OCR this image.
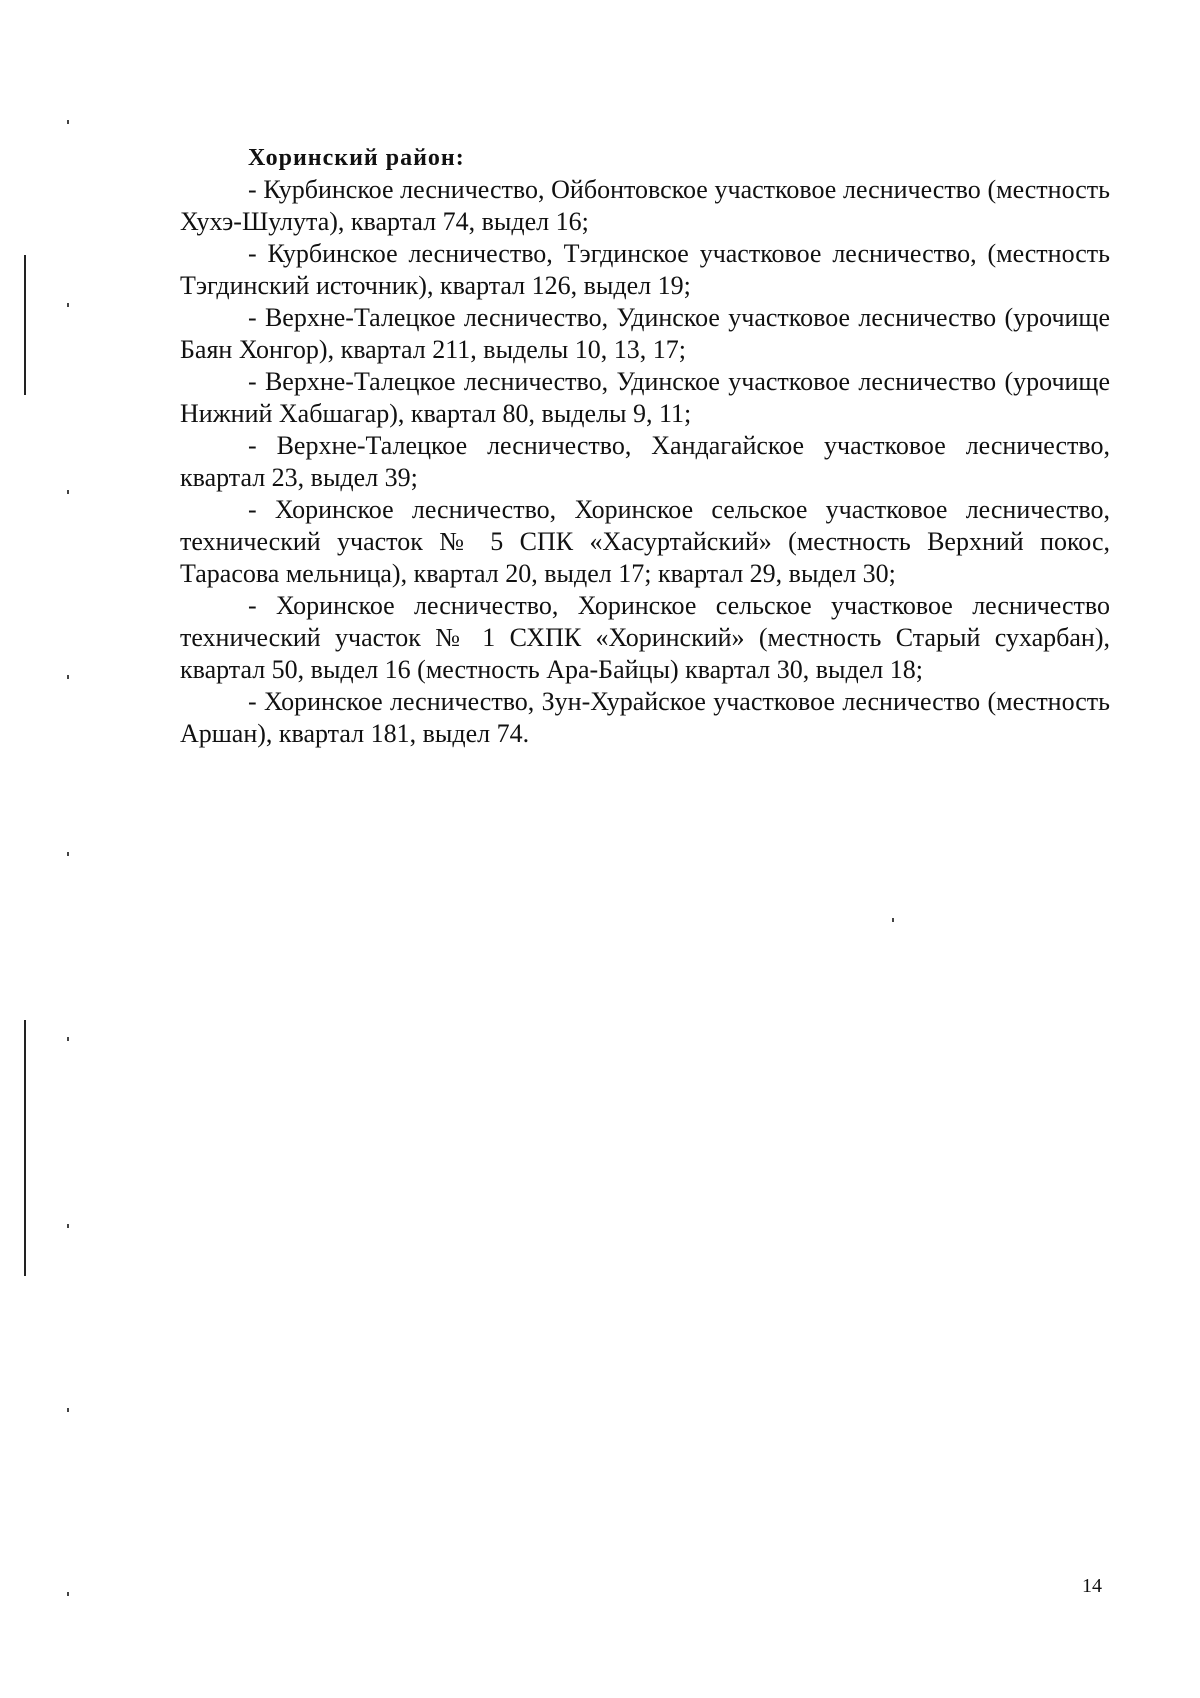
Хоринский район:

- Курбинское лесничество, Ойбонтовское участковое лесничество (местность Хухэ-Шулута), квартал 74, выдел 16;

- Курбинское лесничество, Тэгдинское участковое лесничество, (местность Тэгдинский источник), квартал 126, выдел 19;

- Верхне-Талецкое лесничество, Удинское участковое лесничество (урочище Баян Хонгор), квартал 211, выделы 10, 13, 17;

- Верхне-Талецкое лесничество, Удинское участковое лесничество (урочище Нижний Хабшагар), квартал 80, выделы 9, 11;

- Верхне-Талецкое лесничество, Хандагайское участковое лесничество, квартал 23, выдел 39;

- Хоринское лесничество, Хоринское сельское участковое лесничество, технический участок № 5 СПК «Хасуртайский» (местность Верхний покос, Тарасова мельница), квартал 20, выдел 17; квартал 29, выдел 30;

- Хоринское лесничество, Хоринское сельское участковое лесничество технический участок № 1 СХПК «Хоринский» (местность Старый сухарбан), квартал 50, выдел 16 (местность Ара-Байцы) квартал 30, выдел 18;

- Хоринское лесничество, Зун-Хурайское участковое лесничество (местность Аршан), квартал 181, выдел 74.

14
